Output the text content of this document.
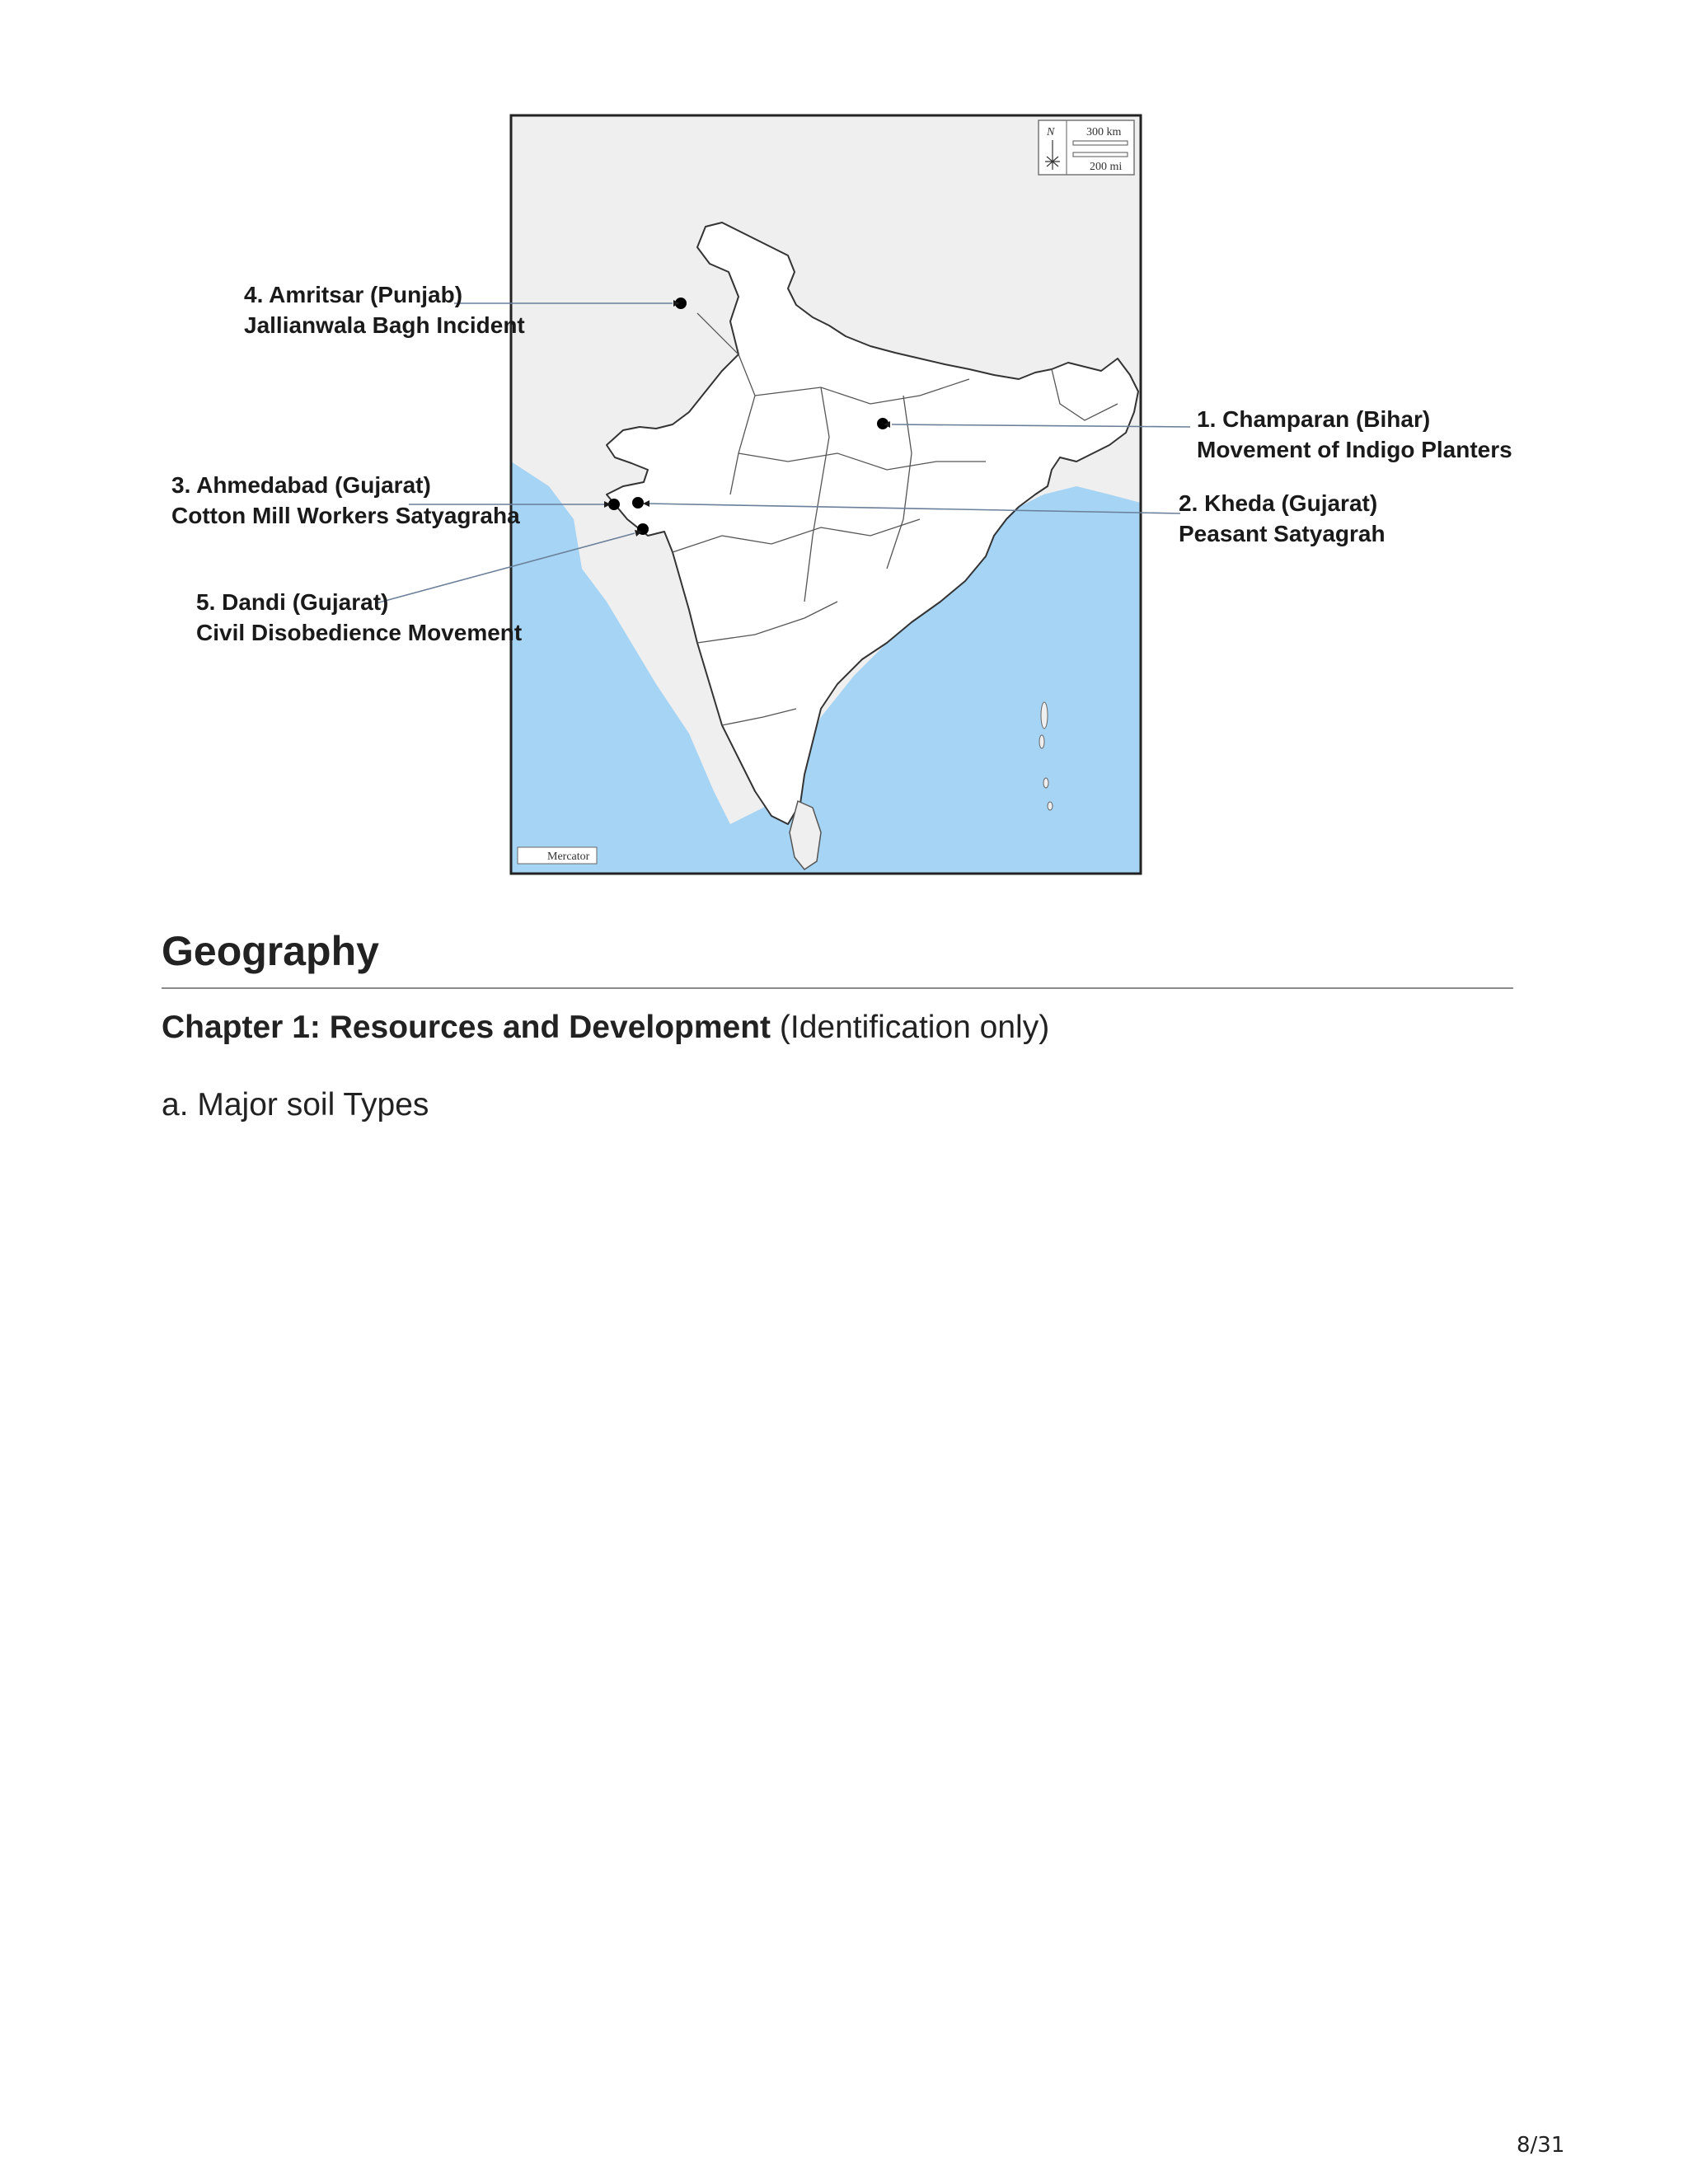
N	300 km
200 mi
Mercator
4. Amritsar (Punjab)
Jallianwala Bagh Incident
1. Champaran (Bihar)
Movement of Indigo Planters
3. Ahmedabad (Gujarat)
Cotton Mill Workers Satyagraha	2. Kheda (Gujarat)
Peasant Satyagrah
5. Dandi (Gujarat)
Civil Disobedience Movement
Geography

Chapter 1: Resources and Development (Identification only)

a. Major soil Types

8/31
